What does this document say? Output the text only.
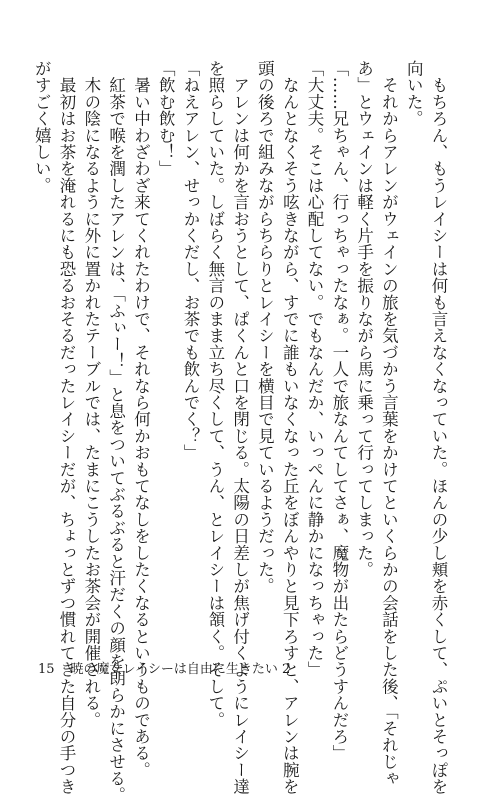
　もちろん、もうレイシーは何も言えなくなっていた。ほんの少し頬を赤くして、ぷいとそっぽを
向いた。
　それからアレンがウェインの旅を気づかう言葉をかけてといくらかの会話をした後、「それじゃ
あ」とウェインは軽く片手を振りながら馬に乗って行ってしまった。
「……兄ちゃん、行っちゃったなぁ。一人で旅なんてしてさぁ、魔物が出たらどうすんだろ」
「大丈夫。そこは心配してない。でもなんだか、いっぺんに静かになっちゃった」
　なんとなくそう呟きながら、すでに誰もいなくなった丘をぼんやりと見下ろすと、アレンは腕を
頭の後ろで組みながらちらりとレイシーを横目で見ているようだった。
　アレンは何かを言おうとして、ぱくんと口を閉じる。太陽の日差しが焦げ付くようにレイシー達
を照らしていた。しばらく無言のまま立ち尽くして、うん、とレイシーは頷く。そして。
「ねえアレン、せっかくだし、お茶でも飲んでく？」
「飲む飲む！」
　暑い中わざわざ来てくれたわけで、それなら何かおもてなしをしたくなるというものである。
　紅茶で喉を潤したアレンは、「ふぃー！」と息をついてぶるぶると汗だくの顔を朗らかにさせる。
　木の陰になるように外に置かれたテーブルでは、たまにこうしたお茶会が開催される。
　最初はお茶を淹れるにも恐るおそるだったレイシーだが、ちょっとずつ慣れてきた自分の手つき
がすごく嬉しい。
15 暁の魔女レイシーは自由に生きたい 2
